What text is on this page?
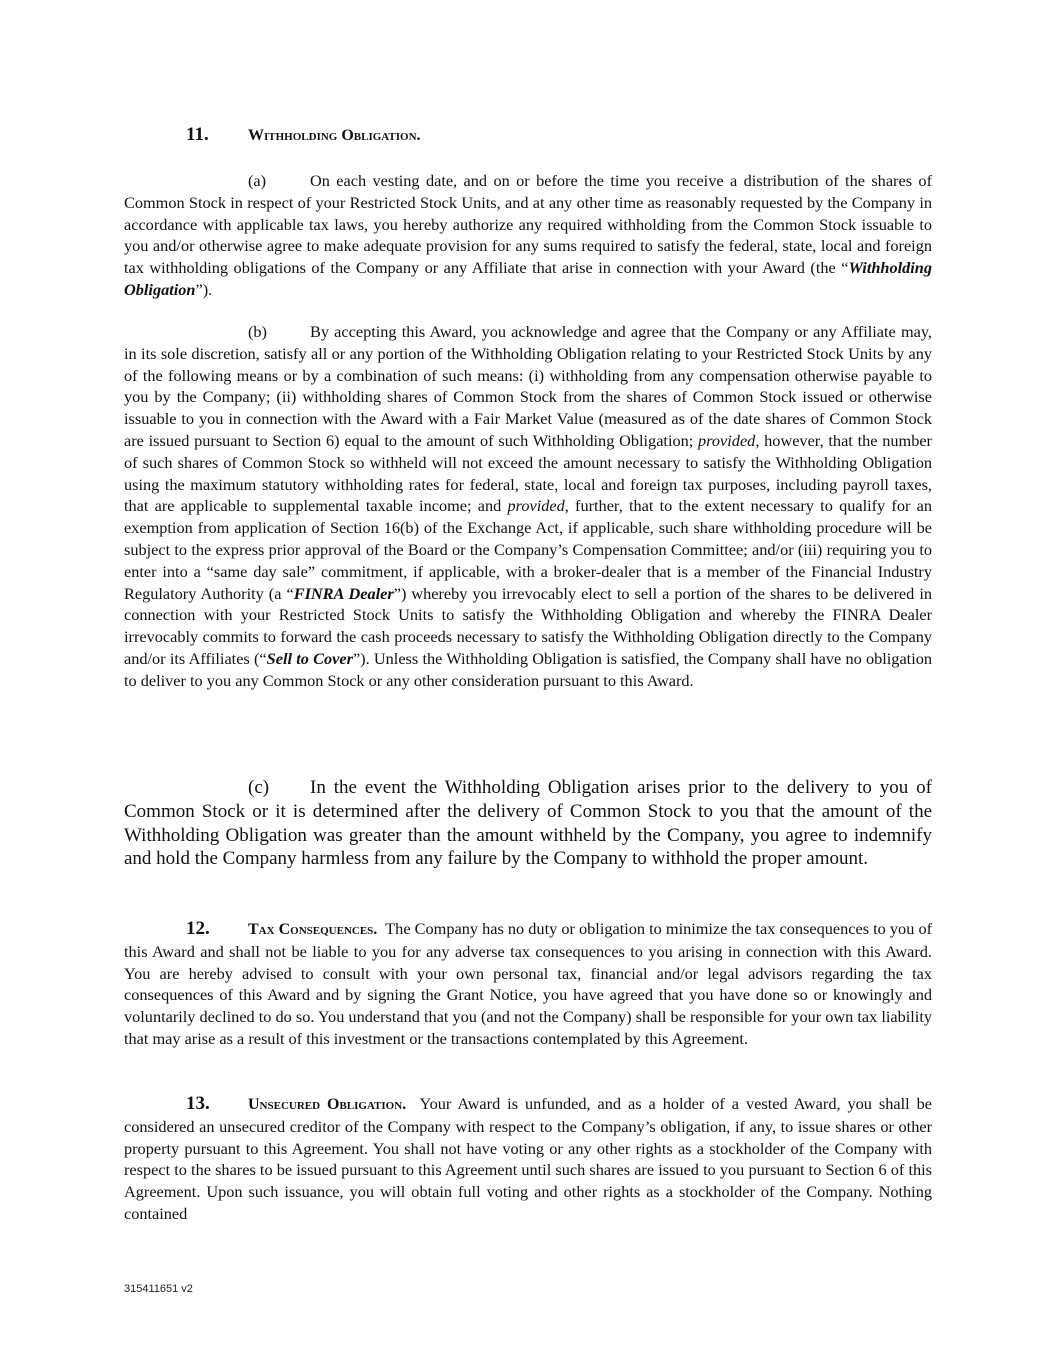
11. Withholding Obligation.

(a)	On each vesting date, and on or before the time you receive a distribution of the shares of Common Stock in respect of your Restricted Stock Units, and at any other time as reasonably requested by the Company in accordance with applicable tax laws, you hereby authorize any required withholding from the Common Stock issuable to you and/or otherwise agree to make adequate provision for any sums required to satisfy the federal, state, local and foreign tax withholding obligations of the Company or any Affiliate that arise in connection with your Award (the “Withholding Obligation”).

(b)	By accepting this Award, you acknowledge and agree that the Company or any Affiliate may, in its sole discretion, satisfy all or any portion of the Withholding Obligation relating to your Restricted Stock Units by any of the following means or by a combination of such means: (i) withholding from any compensation otherwise payable to you by the Company; (ii) withholding shares of Common Stock from the shares of Common Stock issued or otherwise issuable to you in connection with the Award with a Fair Market Value (measured as of the date shares of Common Stock are issued pursuant to Section 6) equal to the amount of such Withholding Obligation; provided, however, that the number of such shares of Common Stock so withheld will not exceed the amount necessary to satisfy the Withholding Obligation using the maximum statutory withholding rates for federal, state, local and foreign tax purposes, including payroll taxes, that are applicable to supplemental taxable income; and provided, further, that to the extent necessary to qualify for an exemption from application of Section 16(b) of the Exchange Act, if applicable, such share withholding procedure will be subject to the express prior approval of the Board or the Company’s Compensation Committee; and/or (iii) requiring you to enter into a “same day sale” commitment, if applicable, with a broker-dealer that is a member of the Financial Industry Regulatory Authority (a “FINRA Dealer”) whereby you irrevocably elect to sell a portion of the shares to be delivered in connection with your Restricted Stock Units to satisfy the Withholding Obligation and whereby the FINRA Dealer irrevocably commits to forward the cash proceeds necessary to satisfy the Withholding Obligation directly to the Company and/or its Affiliates (“Sell to Cover”). Unless the Withholding Obligation is satisfied, the Company shall have no obligation to deliver to you any Common Stock or any other consideration pursuant to this Award.

(c) In the event the Withholding Obligation arises prior to the delivery to you of Common Stock or it is determined after the delivery of Common Stock to you that the amount of the Withholding Obligation was greater than the amount withheld by the Company, you agree to indemnify and hold the Company harmless from any failure by the Company to withhold the proper amount.

12. Tax Consequences. The Company has no duty or obligation to minimize the tax consequences to you of this Award and shall not be liable to you for any adverse tax consequences to you arising in connection with this Award. You are hereby advised to consult with your own personal tax, financial and/or legal advisors regarding the tax consequences of this Award and by signing the Grant Notice, you have agreed that you have done so or knowingly and voluntarily declined to do so. You understand that you (and not the Company) shall be responsible for your own tax liability that may arise as a result of this investment or the transactions contemplated by this Agreement.

13. Unsecured Obligation. Your Award is unfunded, and as a holder of a vested Award, you shall be considered an unsecured creditor of the Company with respect to the Company’s obligation, if any, to issue shares or other property pursuant to this Agreement. You shall not have voting or any other rights as a stockholder of the Company with respect to the shares to be issued pursuant to this Agreement until such shares are issued to you pursuant to Section 6 of this Agreement. Upon such issuance, you will obtain full voting and other rights as a stockholder of the Company. Nothing contained

315411651 v2
